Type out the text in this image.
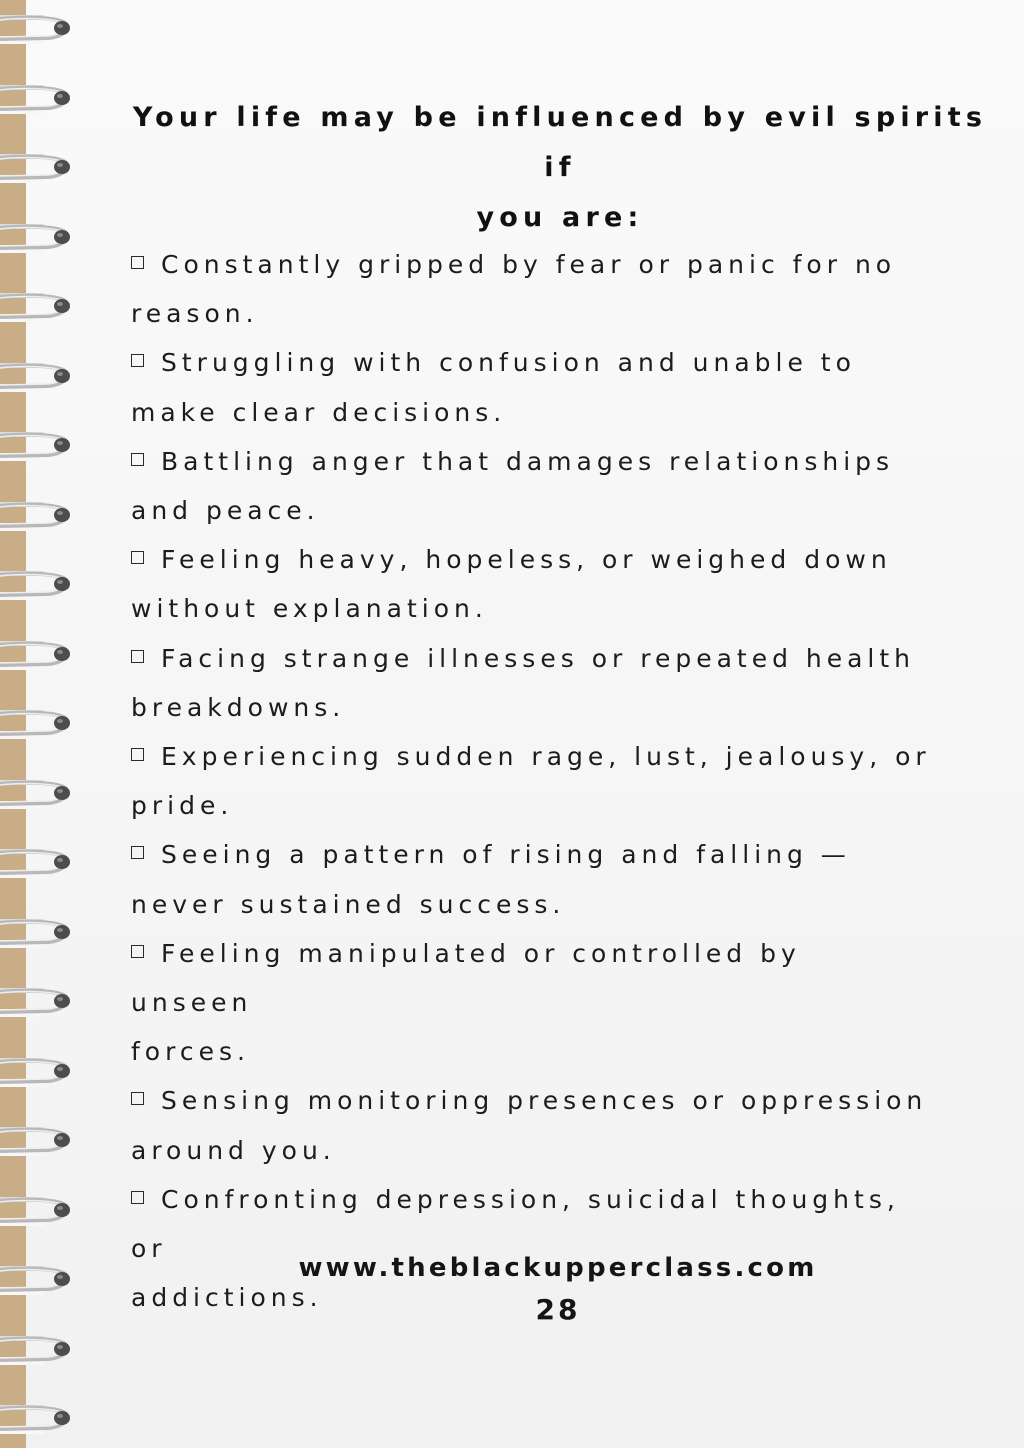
Your life may be influenced by evil spirits if
you are:
Constantly gripped by fear or panic for no
reason.
Struggling with confusion and unable to
make clear decisions.
Battling anger that damages relationships
and peace.
Feeling heavy, hopeless, or weighed down
without explanation.
Facing strange illnesses or repeated health
breakdowns.
Experiencing sudden rage, lust, jealousy, or
pride.
Seeing a pattern of rising and falling —
never sustained success.
Feeling manipulated or controlled by unseen
forces.
Sensing monitoring presences or oppression
around you.
Confronting depression, suicidal thoughts, or
addictions.
www.theblackupperclass.com
28
